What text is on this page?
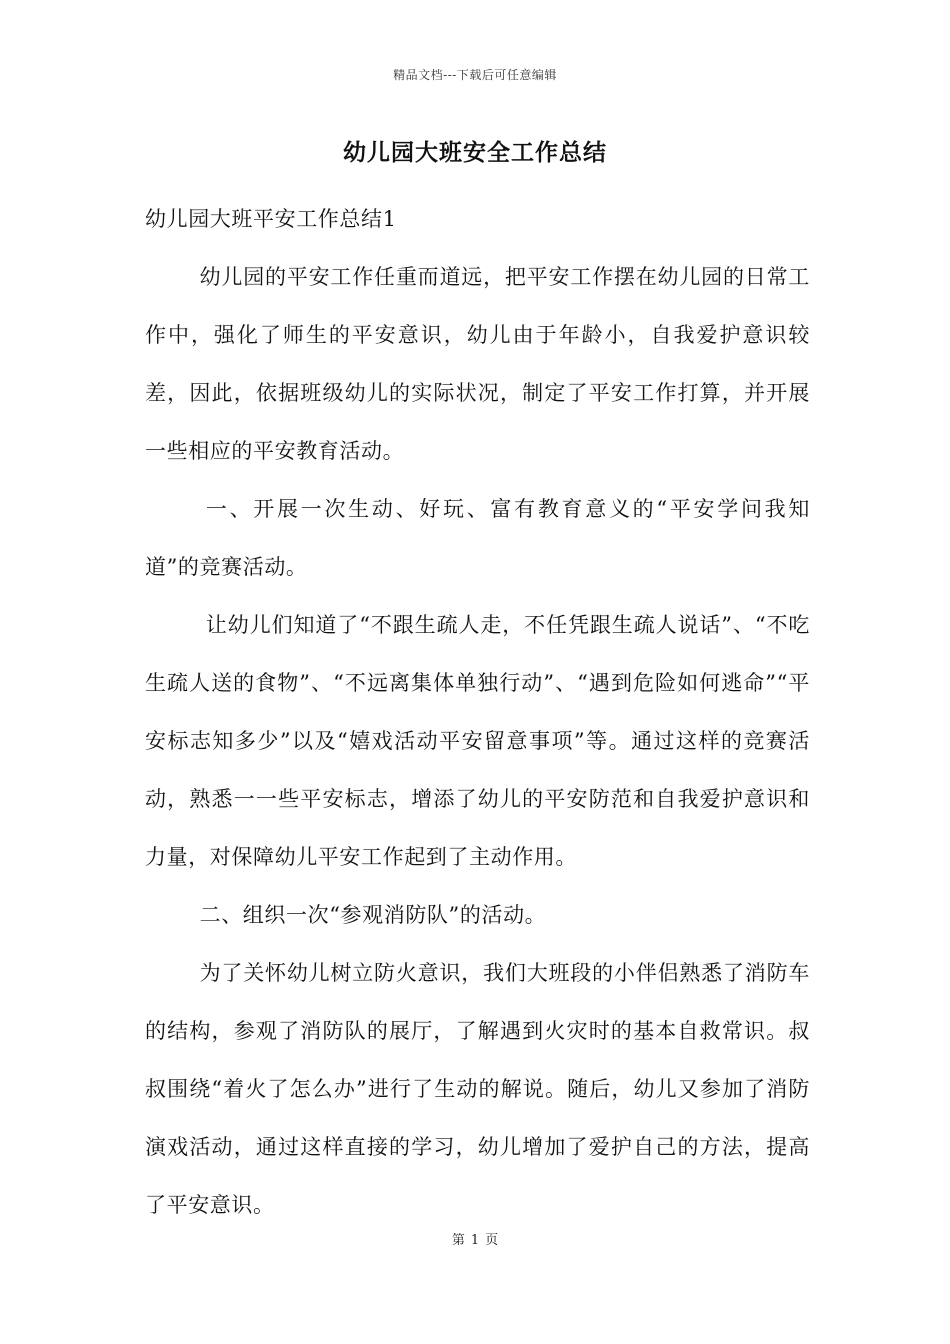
精品文档---下载后可任意编辑
幼儿园大班安全工作总结

幼儿园大班平安工作总结1

幼儿园的平安工作任重而道远，把平安工作摆在幼儿园的日常工作中，强化了师生的平安意识，幼儿由于年龄小，自我爱护意识较差，因此，依据班级幼儿的实际状况，制定了平安工作打算，并开展一些相应的平安教育活动。

一、开展一次生动、好玩、富有教育意义的“平安学问我知道”的竞赛活动。

让幼儿们知道了“不跟生疏人走，不任凭跟生疏人说话”、“不吃生疏人送的食物”、“不远离集体单独行动”、“遇到危险如何逃命”“平安标志知多少”以及“嬉戏活动平安留意事项”等。通过这样的竞赛活动，熟悉一一些平安标志，增添了幼儿的平安防范和自我爱护意识和力量，对保障幼儿平安工作起到了主动作用。

二、组织一次“参观消防队”的活动。

为了关怀幼儿树立防火意识，我们大班段的小伴侣熟悉了消防车的结构，参观了消防队的展厅，了解遇到火灾时的基本自救常识。叔叔围绕“着火了怎么办”进行了生动的解说。随后，幼儿又参加了消防演戏活动，通过这样直接的学习，幼儿增加了爱护自己的方法，提高了平安意识。

第 1 页
